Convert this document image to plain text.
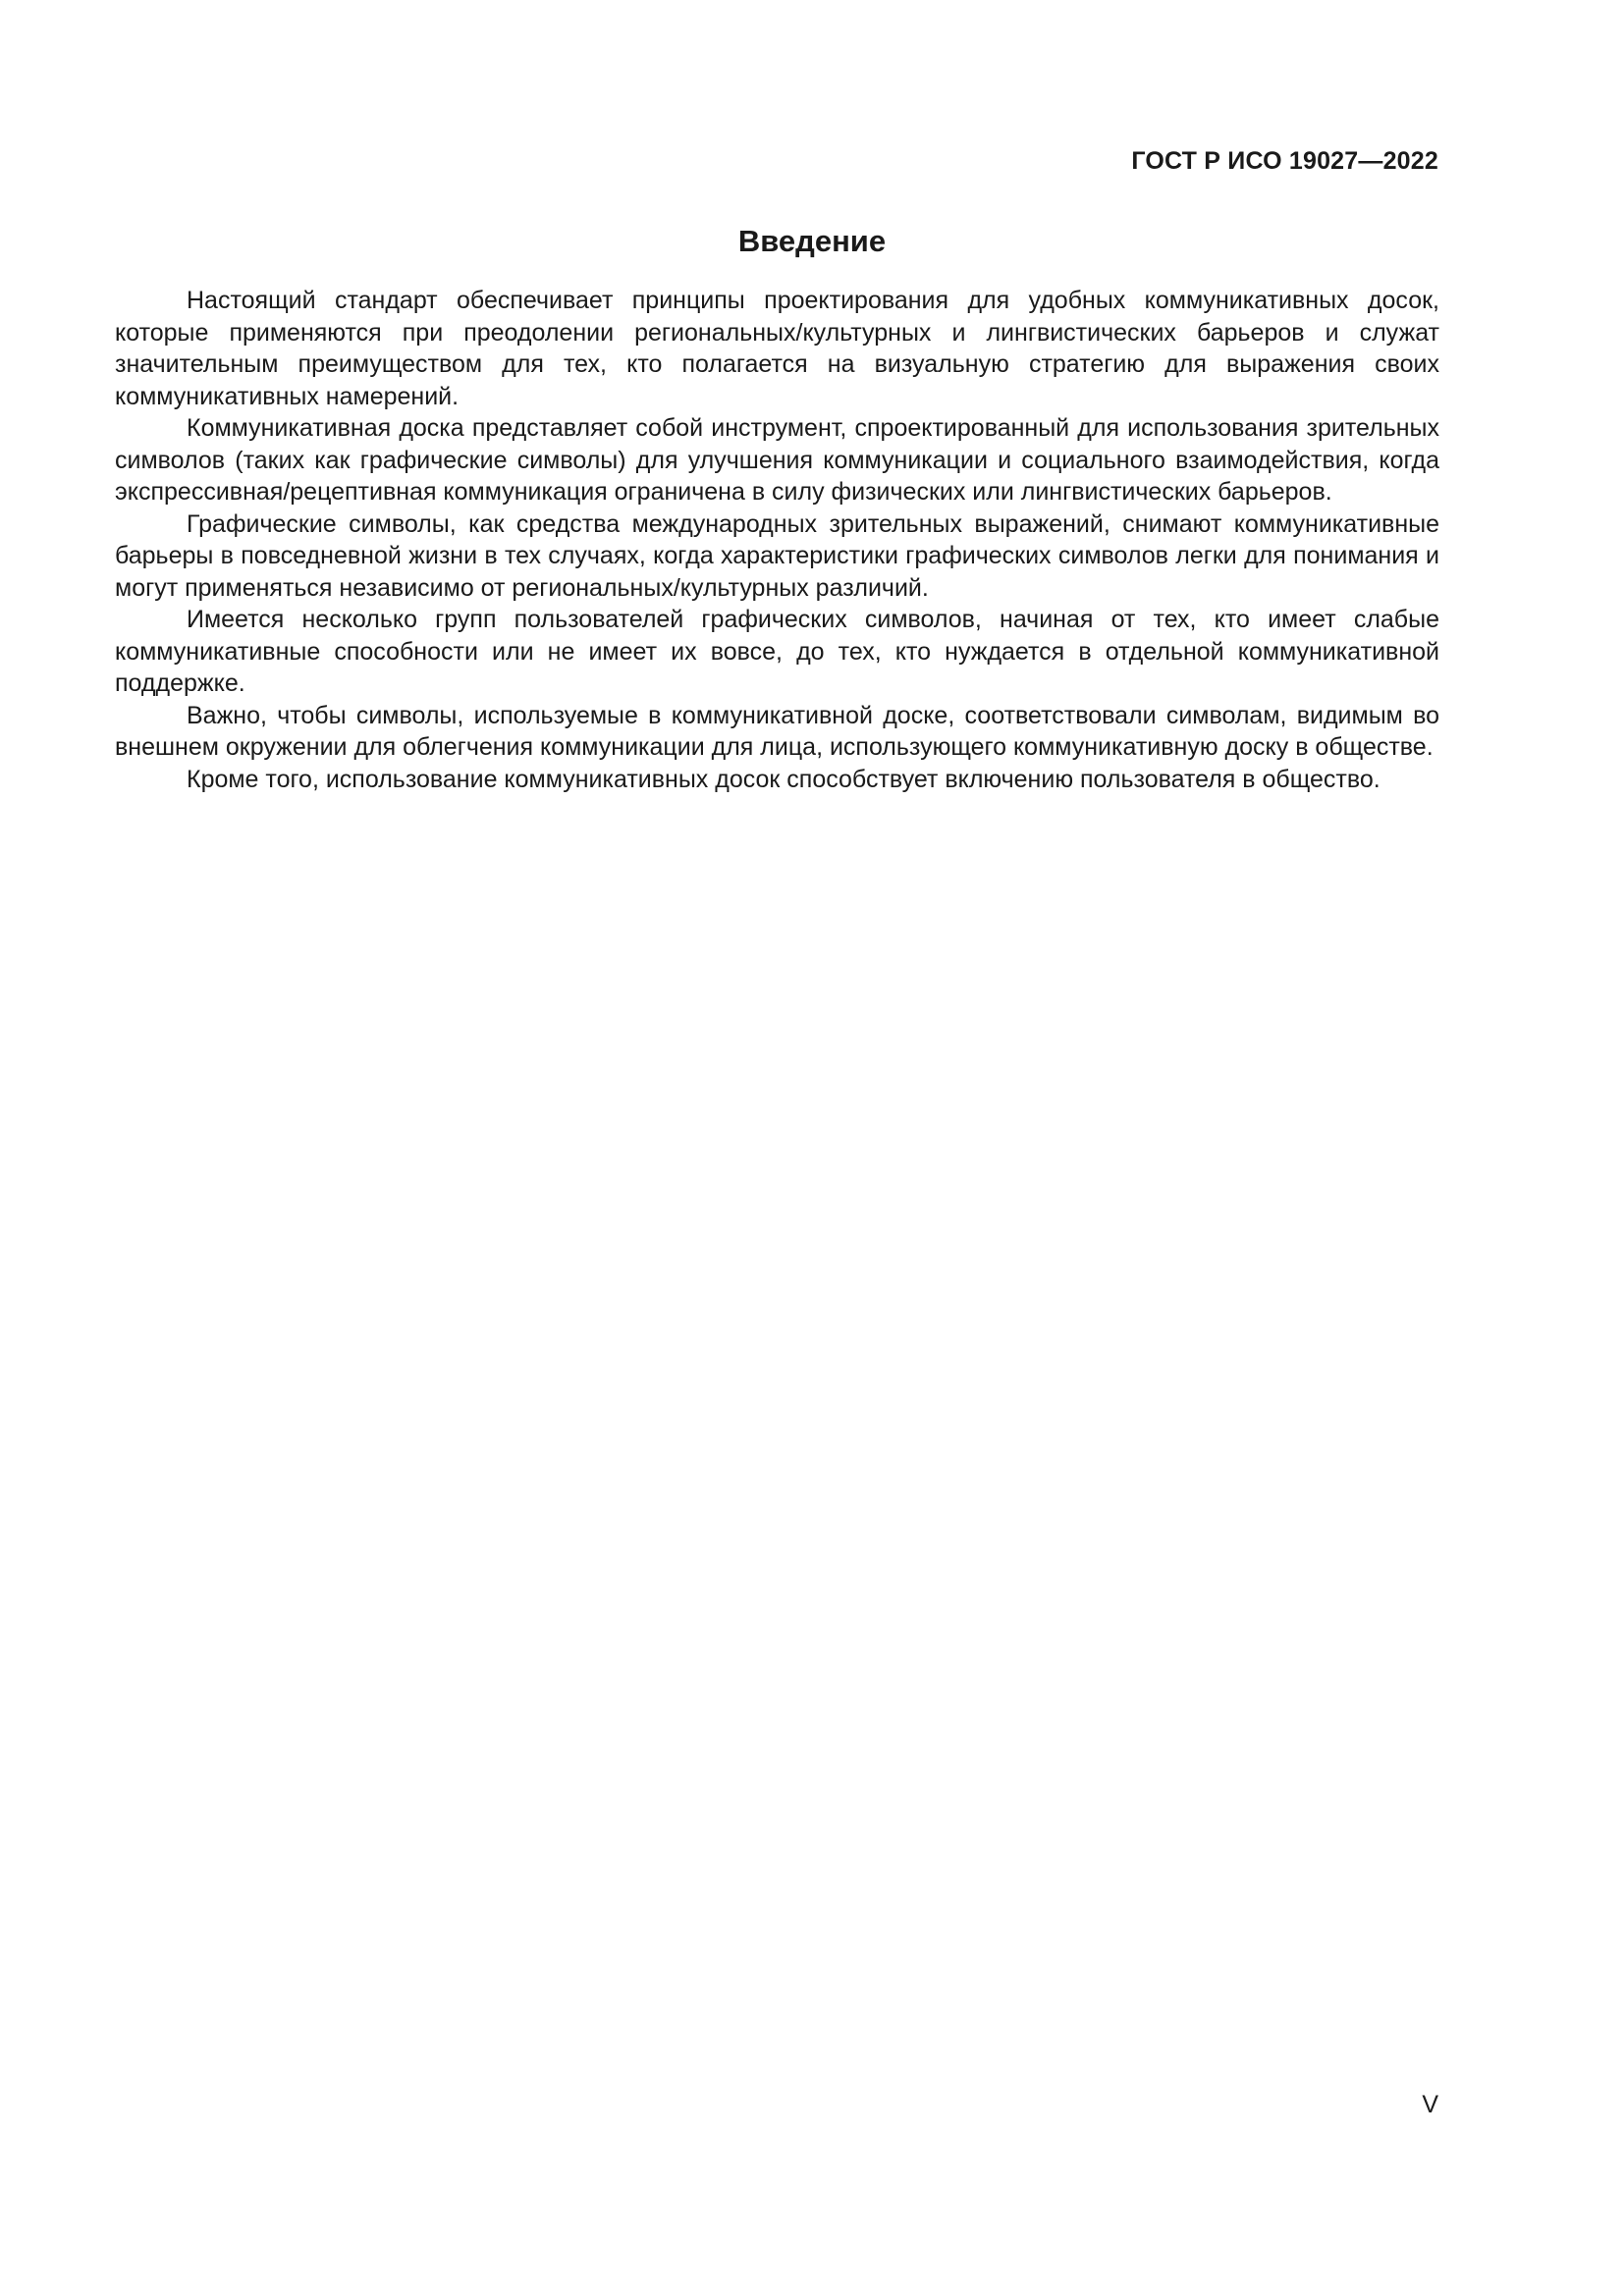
ГОСТ Р ИСО 19027—2022
Введение

Настоящий стандарт обеспечивает принципы проектирования для удобных коммуникативных досок, которые применяются при преодолении региональных/культурных и лингвистических барьеров и служат значительным преимуществом для тех, кто полагается на визуальную стратегию для выражения своих коммуникативных намерений.

Коммуникативная доска представляет собой инструмент, спроектированный для использования зрительных символов (таких как графические символы) для улучшения коммуникации и социального взаимодействия, когда экспрессивная/рецептивная коммуникация ограничена в силу физических или лингвистических барьеров.

Графические символы, как средства международных зрительных выражений, снимают коммуникативные барьеры в повседневной жизни в тех случаях, когда характеристики графических символов легки для понимания и могут применяться независимо от региональных/культурных различий.

Имеется несколько групп пользователей графических символов, начиная от тех, кто имеет слабые коммуникативные способности или не имеет их вовсе, до тех, кто нуждается в отдельной коммуникативной поддержке.

Важно, чтобы символы, используемые в коммуникативной доске, соответствовали символам, видимым во внешнем окружении для облегчения коммуникации для лица, использующего коммуникативную доску в обществе.

Кроме того, использование коммуникативных досок способствует включению пользователя в общество.

V
